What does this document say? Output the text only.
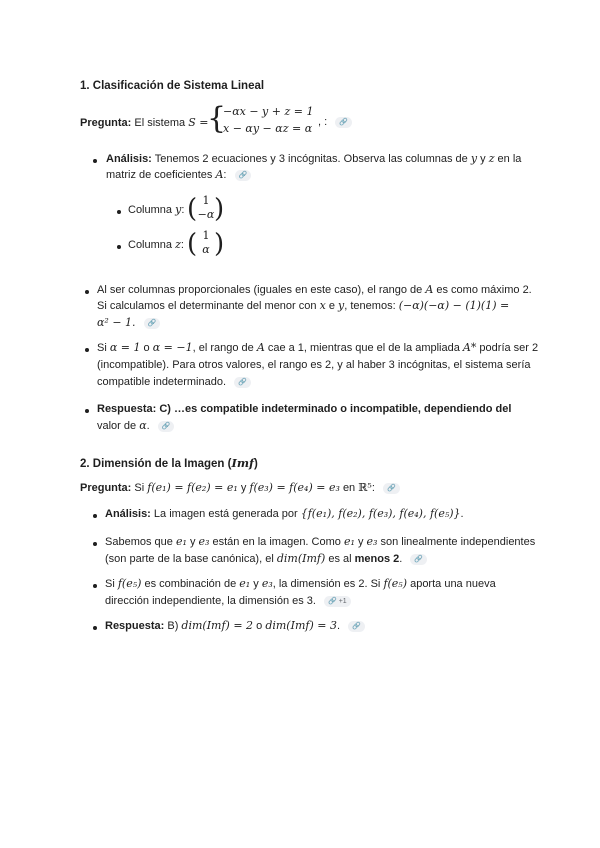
1. Clasificación de Sistema Lineal
Pregunta: El sistema S =
{
−αx − y + z = 1
x − αy − αz = α , : 🔗
Análisis: Tenemos 2 ecuaciones y 3 incógnitas. Observa las columnas de y y z en la
matriz de coeficientes A: 🔗
Columna y: ( 1
−α )
Columna z: ( 1
α )
Al ser columnas proporcionales (iguales en este caso), el rango de A es como máximo 2.
Si calculamos el determinante del menor con x e y, tenemos: (−α)(−α) − (1)(1) =
α² − 1. 🔗
Si α = 1 o α = −1, el rango de A cae a 1, mientras que el de la ampliada A* podría ser 2
(incompatible). Para otros valores, el rango es 2, y al haber 3 incógnitas, el sistema sería
compatible indeterminado. 🔗
Respuesta: C) …es compatible indeterminado o incompatible, dependiendo del
valor de α. 🔗
2. Dimensión de la Imagen (Imf)
Pregunta: Si f(e₁) = f(e₂) = e₁ y f(e₃) = f(e₄) = e₃ en ℝ⁵: 🔗
Análisis: La imagen está generada por {f(e₁), f(e₂), f(e₃), f(e₄), f(e₅)}.
Sabemos que e₁ y e₃ están en la imagen. Como e₁ y e₃ son linealmente independientes
(son parte de la base canónica), el dim(Imf) es al menos 2. 🔗
Si f(e₅) es combinación de e₁ y e₃, la dimensión es 2. Si f(e₅) aporta una nueva
dirección independiente, la dimensión es 3. 🔗 +1
Respuesta: B) dim(Imf) = 2 o dim(Imf) = 3. 🔗
